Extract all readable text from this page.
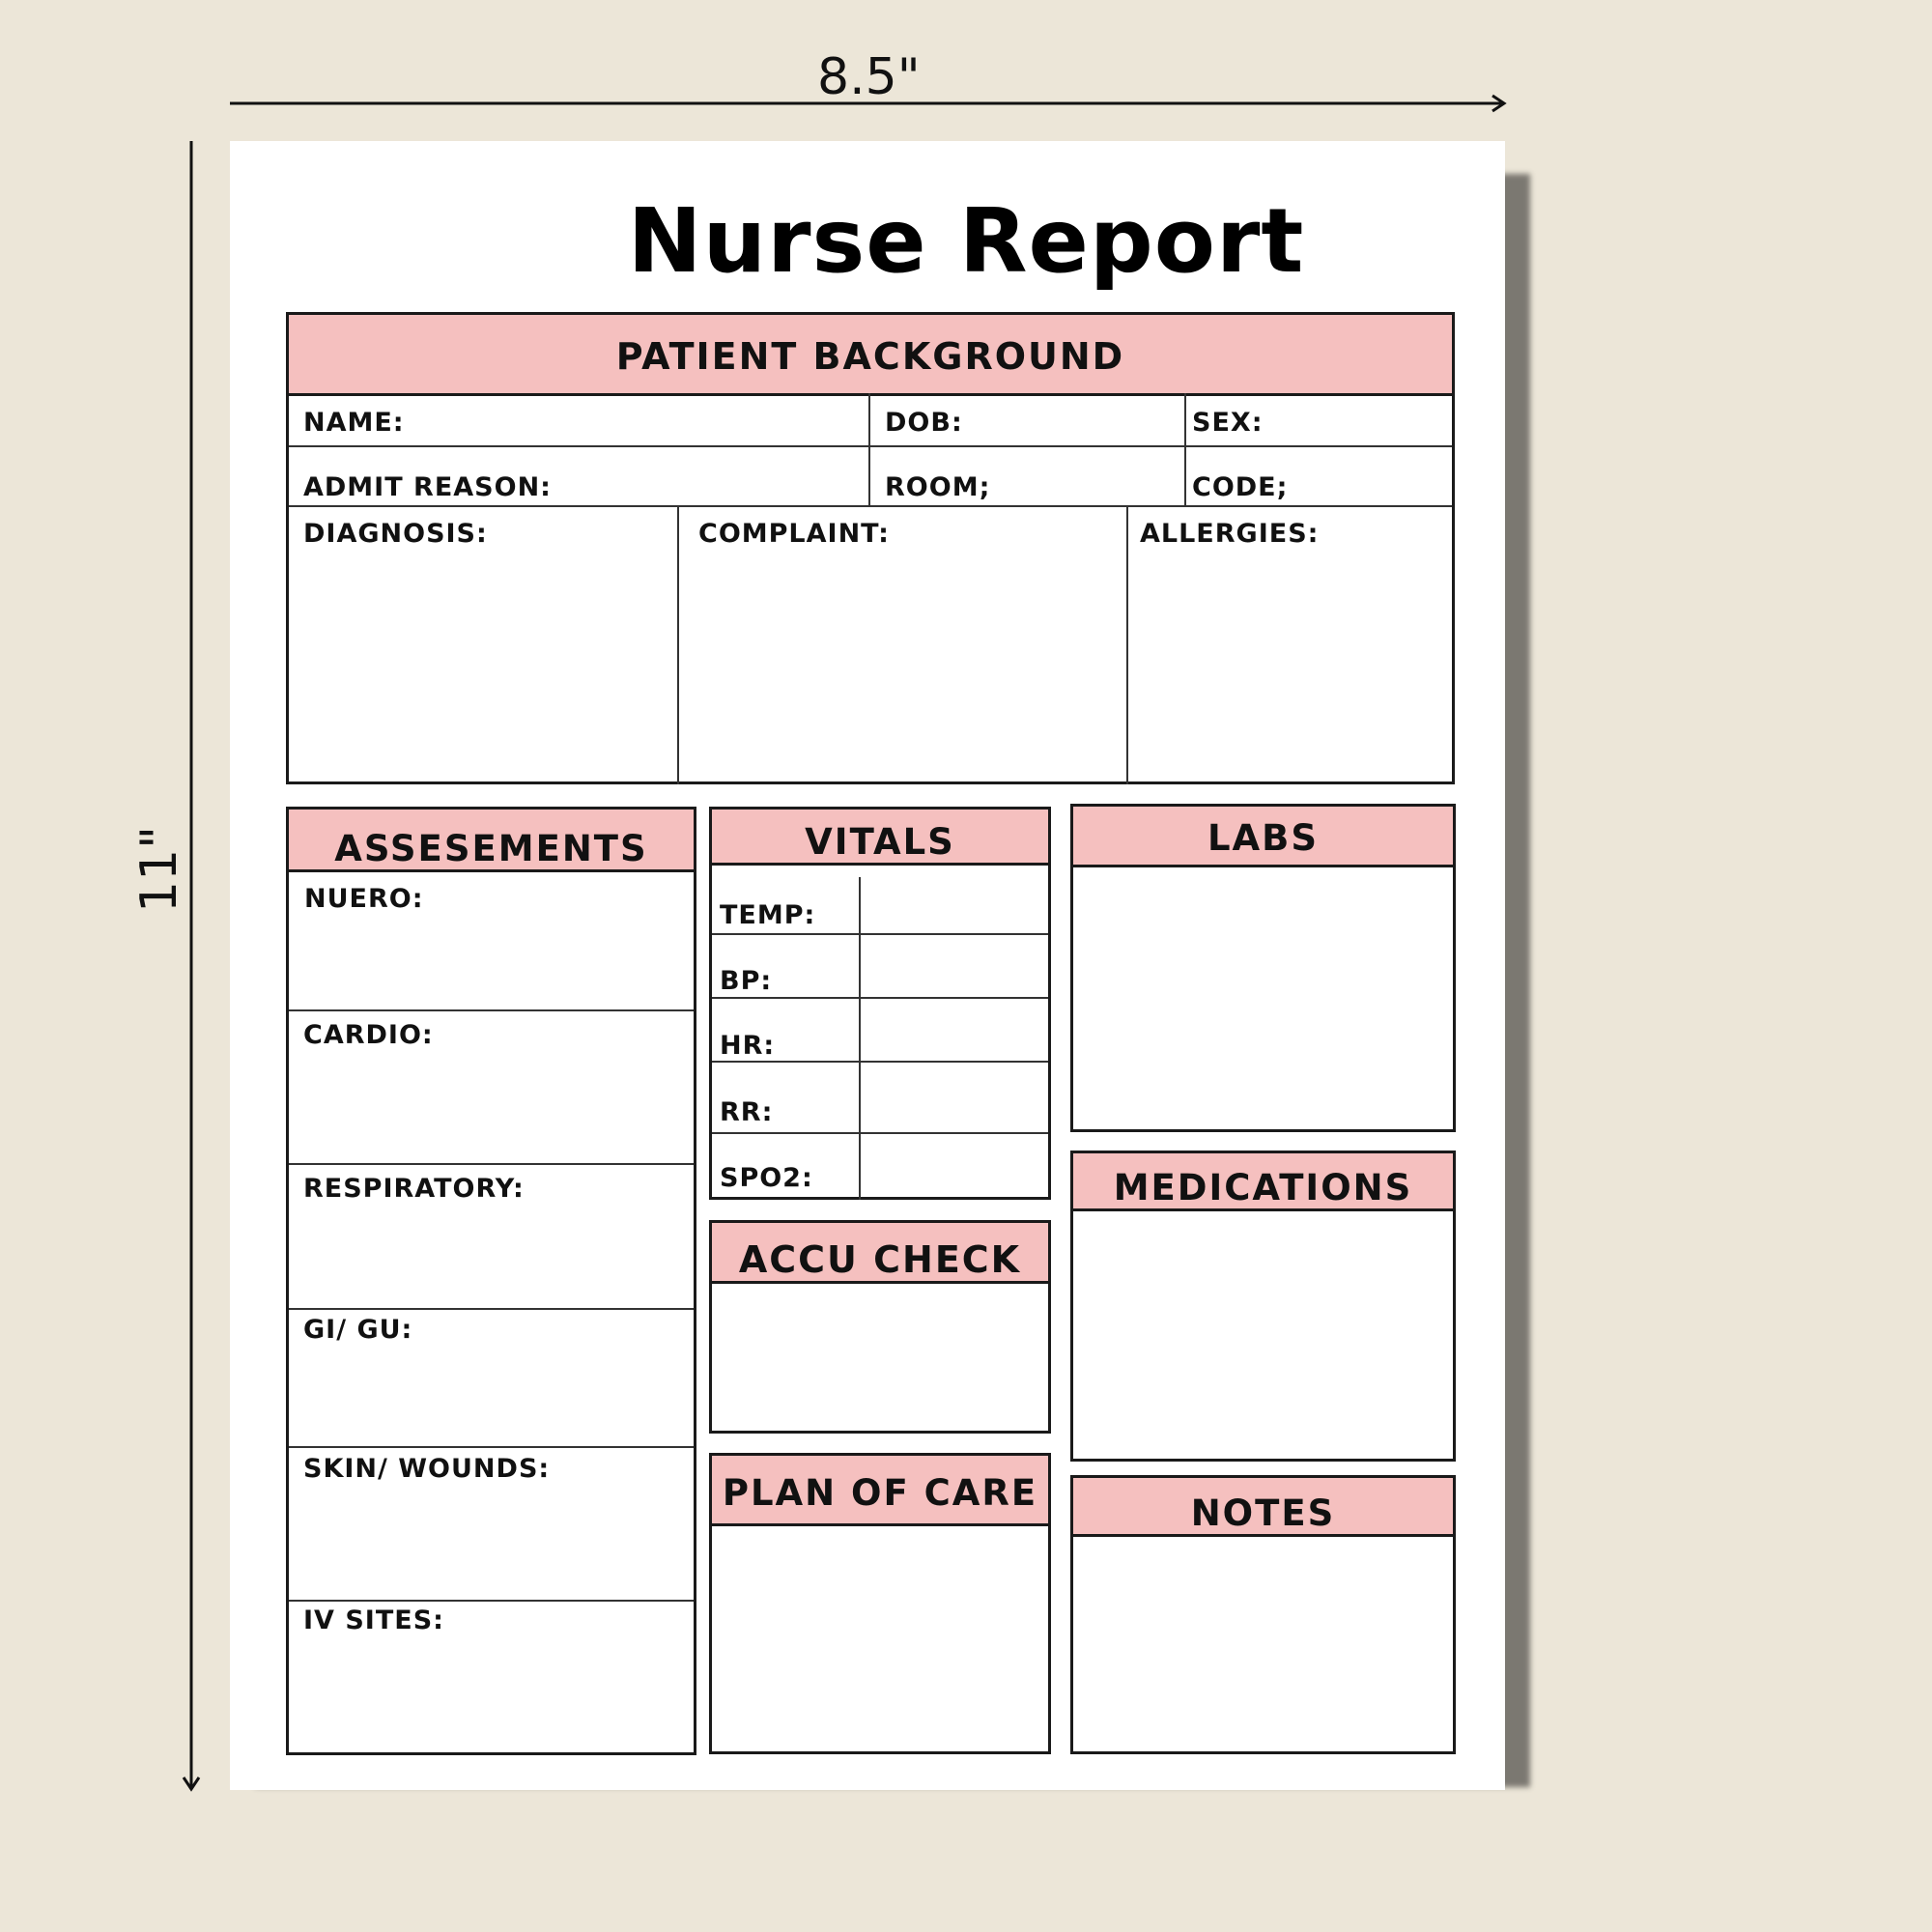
8.5"
11"
Nurse Report
PATIENT BACKGROUND
NAME:	DOB:	SEX:
ADMIT REASON:	ROOM;	CODE;
DIAGNOSIS:	COMPLAINT:	ALLERGIES:
ASSESEMENTS
NUERO:
CARDIO:
RESPIRATORY:
GI/ GU:
SKIN/ WOUNDS:
IV SITES:
VITALS
TEMP:
BP:
HR:
RR:
SPO2:
ACCU CHECK
PLAN OF CARE
LABS
MEDICATIONS
NOTES
